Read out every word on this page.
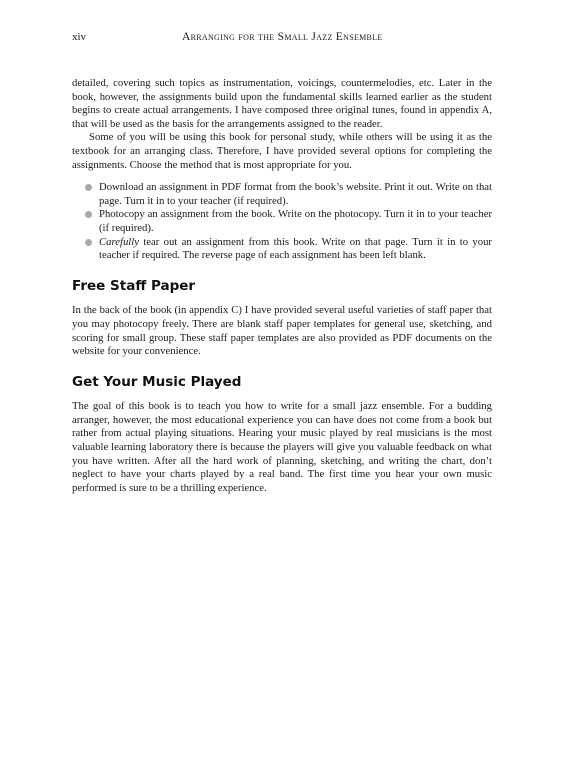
xiv	Arranging for the Small Jazz Ensemble

detailed, covering such topics as instrumentation, voicings, countermelodies, etc. Later in the book, however, the assignments build upon the fundamental skills learned earlier as the student begins to create actual arrangements. I have composed three original tunes, found in appendix A, that will be used as the basis for the arrangements assigned to the reader.

Some of you will be using this book for personal study, while others will be using it as the textbook for an arranging class. Therefore, I have provided several options for completing the assignments. Choose the method that is most appropriate for you.

Download an assignment in PDF format from the book’s website. Print it out. Write on that page. Turn it in to your teacher (if required).
Photocopy an assignment from the book. Write on the photocopy. Turn it in to your teacher (if required).
Carefully tear out an assignment from this book. Write on that page. Turn it in to your teacher if required. The reverse page of each assignment has been left blank.
Free Staff Paper

In the back of the book (in appendix C) I have provided several useful varieties of staff paper that you may photocopy freely. There are blank staff paper templates for general use, sketching, and scoring for small group. These staff paper templates are also provided as PDF documents on the website for your convenience.

Get Your Music Played

The goal of this book is to teach you how to write for a small jazz ensemble. For a budding arranger, however, the most educational experience you can have does not come from a book but rather from actual playing situations. Hearing your music played by real musicians is the most valuable learning laboratory there is because the players will give you valuable feedback on what you have written. After all the hard work of planning, sketching, and writing the chart, don’t neglect to have your charts played by a real band. The first time you hear your own music performed is sure to be a thrilling experience.
